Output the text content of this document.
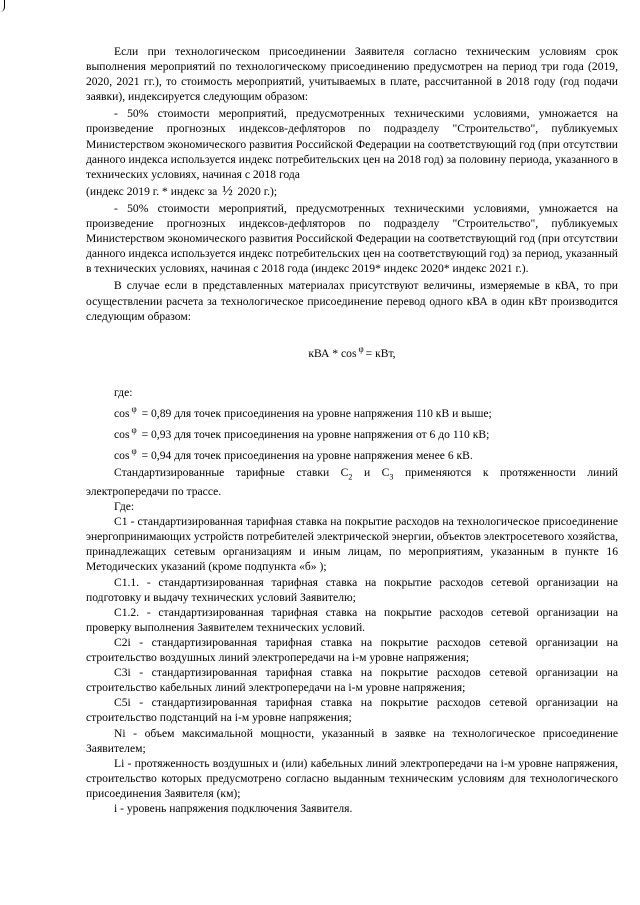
Если при технологическом присоединении Заявителя согласно техническим условиям срок выполнения мероприятий по технологическому присоединению предусмотрен на период три года (2019, 2020, 2021 гг.), то стоимость мероприятий, учитываемых в плате, рассчитанной в 2018 году (год подачи заявки), индексируется следующим образом:

- 50% стоимости мероприятий, предусмотренных техническими условиями, умножается на произведение прогнозных индексов-дефляторов по подразделу "Строительство", публикуемых Министерством экономического развития Российской Федерации на соответствующий год (при отсутствии данного индекса используется индекс потребительских цен на 2018 год) за половину периода, указанного в технических условиях, начиная с 2018 года

(индекс 2019 г. * индекс за ½ 2020 г.);

- 50% стоимости мероприятий, предусмотренных техническими условиями, умножается на произведение прогнозных индексов-дефляторов по подразделу "Строительство", публикуемых Министерством экономического развития Российской Федерации на соответствующий год (при отсутствии данного индекса используется индекс потребительских цен на соответствующий год) за период, указанный в технических условиях, начиная с 2018 года (индекс 2019* индекс 2020* индекс 2021 г.).

В случае если в представленных материалах присутствуют величины, измеряемые в кВА, то при осуществлении расчета за технологическое присоединение перевод одного кВА в один кВт производится следующим образом:

кВА * cos $^\varphi$ = кВт,

где:

cos $^\varphi$ = 0,89 для точек присоединения на уровне напряжения 110 кВ и выше;

cos $^\varphi$ = 0,93 для точек присоединения на уровне напряжения от 6 до 110 кВ;

cos $^\varphi$ = 0,94 для точек присоединения на уровне напряжения менее 6 кВ.

Стандартизированные тарифные ставки $С_2$ и $С_3$ применяются к протяженности линий электропередачи по трассе.

Где:

С1 - стандартизированная тарифная ставка на покрытие расходов на технологическое присоединение энергопринимающих устройств потребителей электрической энергии, объектов электросетевого хозяйства, принадлежащих сетевым организациям и иным лицам, по мероприятиям, указанным в пункте 16 Методических указаний (кроме подпункта «б» );

С1.1. - стандартизированная тарифная ставка на покрытие расходов сетевой организации на подготовку и выдачу технических условий Заявителю;

С1.2. - стандартизированная тарифная ставка на покрытие расходов сетевой организации на проверку выполнения Заявителем технических условий.

С2i - стандартизированная тарифная ставка на покрытие расходов сетевой организации на строительство воздушных линий электропередачи на i-м уровне напряжения;

С3i - стандартизированная тарифная ставка на покрытие расходов сетевой организации на строительство кабельных линий электропередачи на i-м уровне напряжения;

С5i - стандартизированная тарифная ставка на покрытие расходов сетевой организации на строительство подстанций на i-м уровне напряжения;

Ni - объем максимальной мощности, указанный в заявке на технологическое присоединение Заявителем;

Li - протяженность воздушных и (или) кабельных линий электропередачи на i-м уровне напряжения, строительство которых предусмотрено согласно выданным техническим условиям для технологического присоединения Заявителя (км);

i - уровень напряжения подключения Заявителя.
